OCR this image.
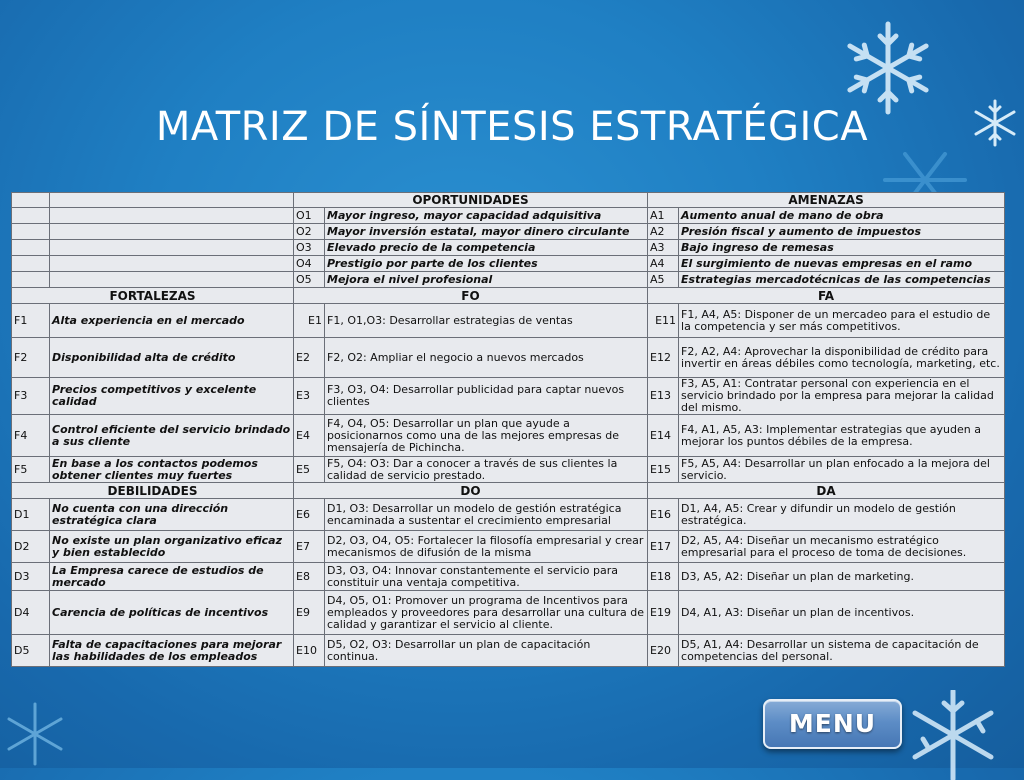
MATRIZ DE SÍNTESIS ESTRATÉGICA
		OPORTUNIDADES		AMENAZAS	
		O1	Mayor ingreso, mayor capacidad adquisitiva	A1	Aumento anual de mano de obra
		O2	Mayor inversión estatal, mayor dinero circulante	A2	Presión fiscal y aumento de impuestos
		O3	Elevado precio de la competencia	A3	Bajo ingreso de remesas
		O4	Prestigio por parte de los clientes	A4	El surgimiento de nuevas empresas en el ramo
		O5	Mejora el nivel profesional	A5	Estrategias mercadotécnicas de las competencias
FORTALEZAS		FO		FA	
F1	Alta experiencia en el mercado	E1	F1, O1,O3: Desarrollar estrategias de ventas	E11	F1, A4, A5: Disponer de un mercadeo para el estudio de la competencia y ser más competitivos.
F2	Disponibilidad alta de crédito	E2	F2, O2: Ampliar el negocio a nuevos mercados	E12	F2, A2, A4: Aprovechar la disponibilidad de crédito para invertir en áreas débiles como tecnología, marketing, etc.
F3	Precios competitivos y excelente calidad	E3	F3, O3, O4: Desarrollar publicidad para captar nuevos clientes	E13	F3, A5, A1: Contratar personal con experiencia en el servicio brindado por la empresa para mejorar la calidad del mismo.
F4	Control eficiente del servicio brindado a sus cliente	E4	F4, O4, O5: Desarrollar un plan que ayude a posicionarnos como una de las mejores empresas de mensajería de Pichincha.	E14	F4, A1, A5, A3: Implementar estrategias que ayuden a mejorar los puntos débiles de la empresa.
F5	En base a los contactos podemos obtener clientes muy fuertes	E5	F5, O4: O3: Dar a conocer a través de sus clientes la calidad de servicio prestado.	E15	F5, A5, A4: Desarrollar un plan enfocado a la mejora del servicio.
DEBILIDADES		DO		DA	
D1	No cuenta con una dirección estratégica clara	E6	D1, O3: Desarrollar un modelo de gestión estratégica encaminada a sustentar el crecimiento empresarial	E16	D1, A4, A5: Crear y difundir un modelo de gestión estratégica.
D2	No existe un plan organizativo eficaz y bien establecido	E7	D2, O3, O4, O5: Fortalecer la filosofía empresarial y crear mecanismos de difusión de la misma	E17	D2, A5, A4: Diseñar un mecanismo estratégico empresarial para el proceso de toma de decisiones.
D3	La Empresa carece de estudios de mercado	E8	D3, O3, O4: Innovar constantemente el servicio para constituir una ventaja competitiva.	E18	D3, A5, A2: Diseñar un plan de marketing.
D4	Carencia de políticas de incentivos	E9	D4, O5, O1: Promover un programa de Incentivos para empleados y proveedores para desarrollar una cultura de calidad y garantizar el servicio al cliente.	E19	D4, A1, A3: Diseñar un plan de incentivos.
D5	Falta de capacitaciones para mejorar las habilidades de los empleados	E10	D5, O2, O3: Desarrollar un plan de capacitación continua.	E20	D5, A1, A4: Desarrollar un sistema de capacitación de competencias del personal.
MENU
